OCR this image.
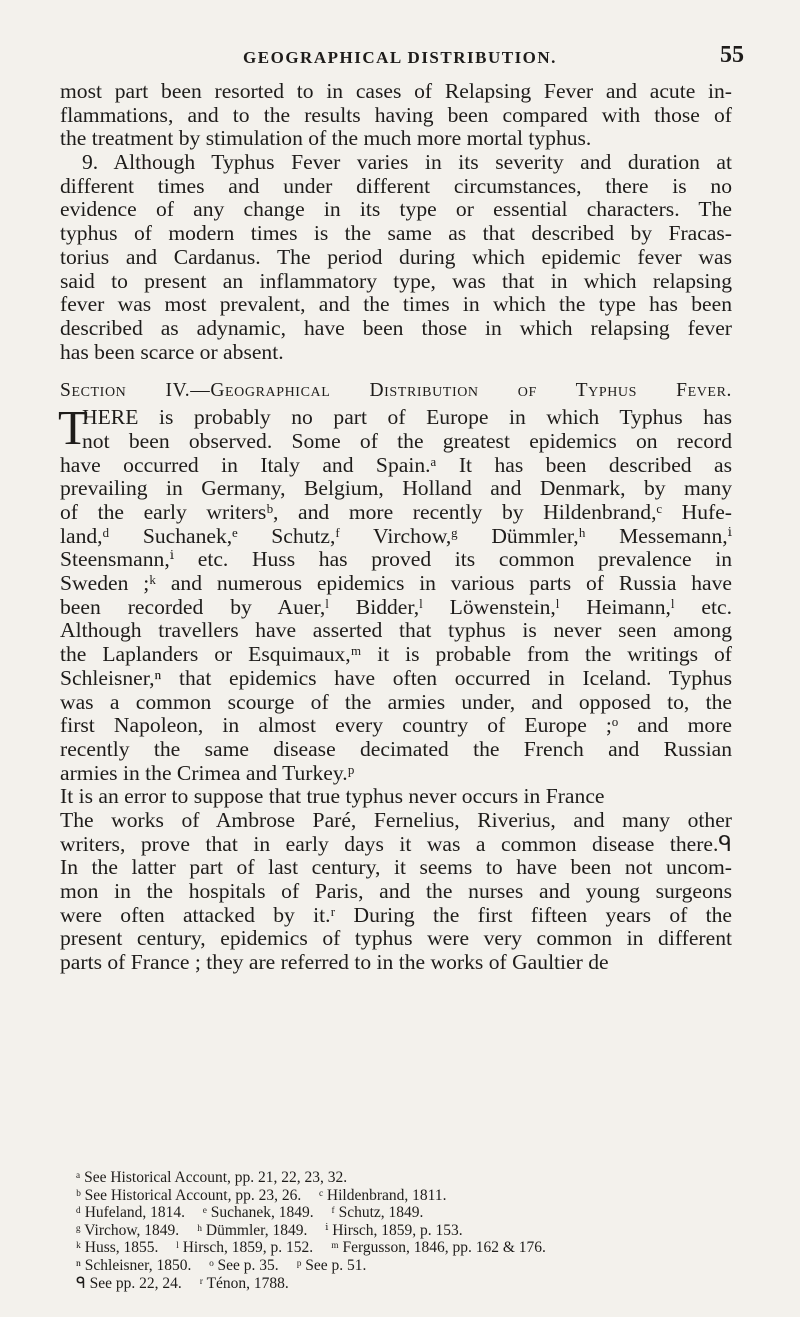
GEOGRAPHICAL DISTRIBUTION.	55
most part been resorted to in cases of Relapsing Fever and acute in-
flammations, and to the results having been compared with those of
the treatment by stimulation of the much more mortal typhus.
9. Although Typhus Fever varies in its severity and duration at
different times and under different circumstances, there is no
evidence of any change in its type or essential characters. The
typhus of modern times is the same as that described by Fracas-
torius and Cardanus. The period during which epidemic fever was
said to present an inflammatory type, was that in which relapsing
fever was most prevalent, and the times in which the type has been
described as adynamic, have been those in which relapsing fever
has been scarce or absent.
Section IV.—Geographical Distribution of Typhus Fever.
T
HERE is probably no part of Europe in which Typhus has
not been observed. Some of the greatest epidemics on record
have occurred in Italy and Spain.ᵃ It has been described as
prevailing in Germany, Belgium, Holland and Denmark, by many
of the early writersᵇ, and more recently by Hildenbrand,ᶜ Hufe-
land,ᵈ Suchanek,ᵉ Schutz,ᶠ Virchow,ᵍ Dümmler,ʰ Messemann,ⁱ
Steensmann,ⁱ etc. Huss has proved its common prevalence in
Sweden ;ᵏ and numerous epidemics in various parts of Russia have
been recorded by Auer,ˡ Bidder,ˡ Löwenstein,ˡ Heimann,ˡ etc.
Although travellers have asserted that typhus is never seen among
the Laplanders or Esquimaux,ᵐ it is probable from the writings of
Schleisner,ⁿ that epidemics have often occurred in Iceland. Typhus
was a common scourge of the armies under, and opposed to, the
first Napoleon, in almost every country of Europe ;ᵒ and more
recently the same disease decimated the French and Russian
armies in the Crimea and Turkey.ᵖ
It is an error to suppose that true typhus never occurs in France
The works of Ambrose Paré, Fernelius, Riverius, and many other
writers, prove that in early days it was a common disease there.ᑫ
In the latter part of last century, it seems to have been not uncom-
mon in the hospitals of Paris, and the nurses and young surgeons
were often attacked by it.ʳ During the first fifteen years of the
present century, epidemics of typhus were very common in different
parts of France ; they are referred to in the works of Gaultier de
ᵃ See Historical Account, pp. 21, 22, 23, 32.
ᵇ See Historical Account, pp. 23, 26. ᶜ Hildenbrand, 1811.
ᵈ Hufeland, 1814. ᵉ Suchanek, 1849. ᶠ Schutz, 1849.
ᵍ Virchow, 1849. ʰ Dümmler, 1849. ⁱ Hirsch, 1859, p. 153.
ᵏ Huss, 1855. ˡ Hirsch, 1859, p. 152. ᵐ Fergusson, 1846, pp. 162 & 176.
ⁿ Schleisner, 1850. ᵒ See p. 35. ᵖ See p. 51.
ᑫ See pp. 22, 24. ʳ Ténon, 1788.
